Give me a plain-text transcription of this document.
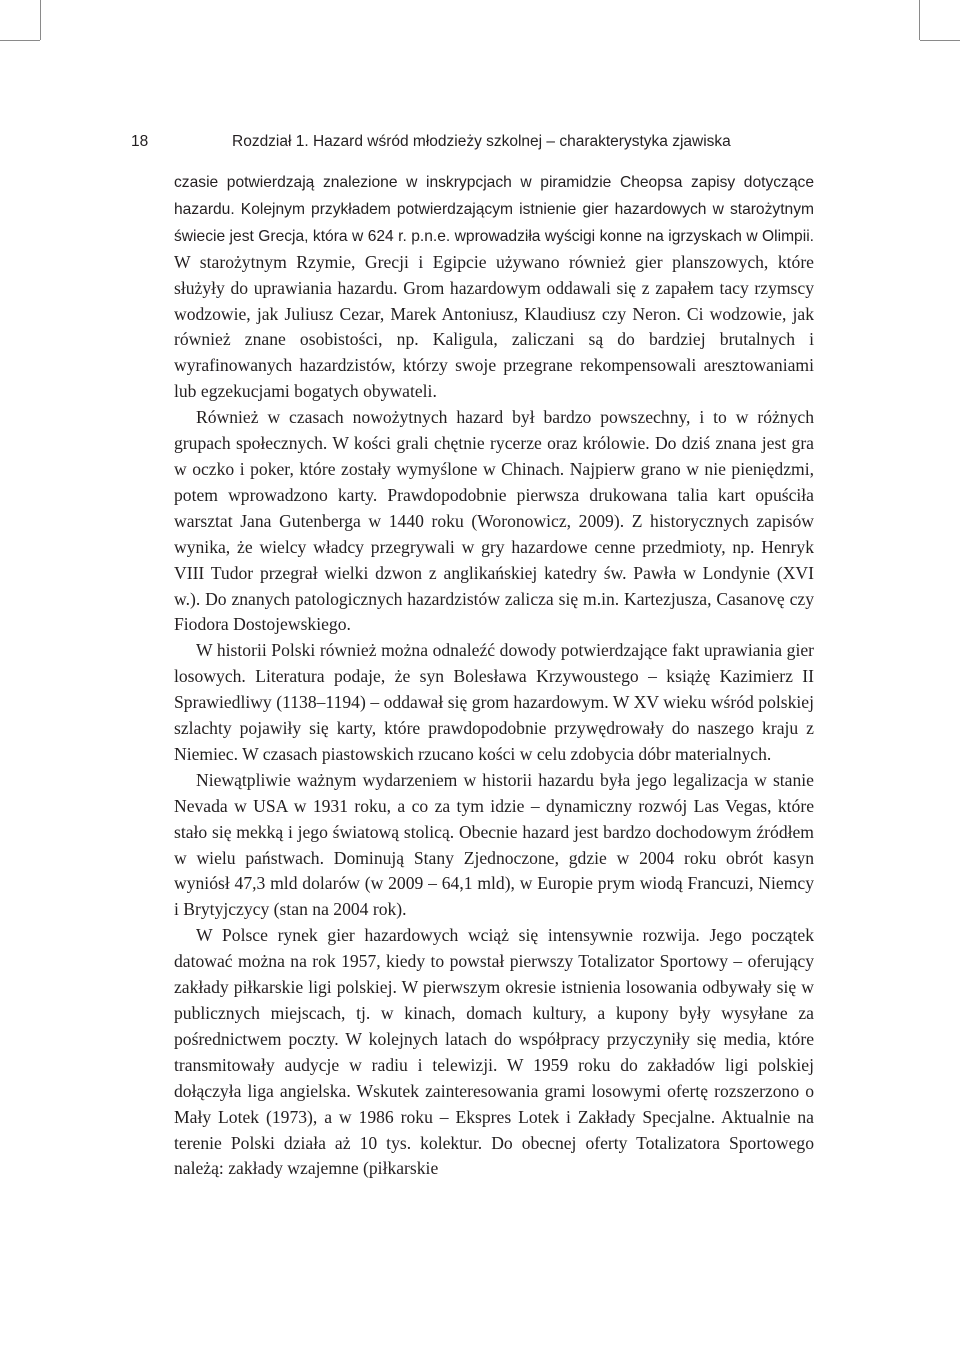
18	Rozdział 1. Hazard wśród młodzieży szkolnej – charakterystyka zjawiska

czasie potwierdzają znalezione w inskrypcjach w piramidzie Cheopsa zapisy dotyczące hazardu. Kolejnym przykładem potwierdzającym istnienie gier hazardowych w starożytnym świecie jest Grecja, która w 624 r. p.n.e. wprowadziła wyścigi konne na igrzyskach w Olimpii. W starożytnym Rzymie, Grecji i Egipcie używano również gier planszowych, które służyły do uprawiania hazardu. Grom hazardowym oddawali się z zapałem tacy rzymscy wodzowie, jak Juliusz Cezar, Marek Antoniusz, Klaudiusz czy Neron. Ci wodzowie, jak również znane osobistości, np. Kaligula, zaliczani są do bardziej brutalnych i wyrafinowanych hazardzistów, którzy swoje przegrane rekompensowali aresztowaniami lub egzekucjami bogatych obywateli.

Również w czasach nowożytnych hazard był bardzo powszechny, i to w różnych grupach społecznych. W kości grali chętnie rycerze oraz królowie. Do dziś znana jest gra w oczko i poker, które zostały wymyślone w Chinach. Najpierw grano w nie pieniędzmi, potem wprowadzono karty. Prawdopodobnie pierwsza drukowana talia kart opuściła warsztat Jana Gutenberga w 1440 roku (Woronowicz, 2009). Z historycznych zapisów wynika, że wielcy władcy przegrywali w gry hazardowe cenne przedmioty, np. Henryk VIII Tudor przegrał wielki dzwon z anglikańskiej katedry św. Pawła w Londynie (XVI w.). Do znanych patologicznych hazardzistów zalicza się m.in. Kartezjusza, Casanovę czy Fiodora Dostojewskiego.

W historii Polski również można odnaleźć dowody potwierdzające fakt uprawiania gier losowych. Literatura podaje, że syn Bolesława Krzywoustego – książę Kazimierz II Sprawiedliwy (1138–1194) – oddawał się grom hazardowym. W XV wieku wśród polskiej szlachty pojawiły się karty, które prawdopodobnie przywędrowały do naszego kraju z Niemiec. W czasach piastowskich rzucano kości w celu zdobycia dóbr materialnych.

Niewątpliwie ważnym wydarzeniem w historii hazardu była jego legalizacja w stanie Nevada w USA w 1931 roku, a co za tym idzie – dynamiczny rozwój Las Vegas, które stało się mekką i jego światową stolicą. Obecnie hazard jest bardzo dochodowym źródłem w wielu państwach. Dominują Stany Zjednoczone, gdzie w 2004 roku obrót kasyn wyniósł 47,3 mld dolarów (w 2009 – 64,1 mld), w Europie prym wiodą Francuzi, Niemcy i Brytyjczycy (stan na 2004 rok).

W Polsce rynek gier hazardowych wciąż się intensywnie rozwija. Jego początek datować można na rok 1957, kiedy to powstał pierwszy Totalizator Sportowy – oferujący zakłady piłkarskie ligi polskiej. W pierwszym okresie istnienia losowania odbywały się w publicznych miejscach, tj. w kinach, domach kultury, a kupony były wysyłane za pośrednictwem poczty. W kolejnych latach do współpracy przyczyniły się media, które transmitowały audycje w radiu i telewizji. W 1959 roku do zakładów ligi polskiej dołączyła liga angielska. Wskutek zainteresowania grami losowymi ofertę rozszerzono o Mały Lotek (1973), a w 1986 roku – Ekspres Lotek i Zakłady Specjalne. Aktualnie na terenie Polski działa aż 10 tys. kolektur. Do obecnej oferty Totalizatora Sportowego należą: zakłady wzajemne (piłkarskie
